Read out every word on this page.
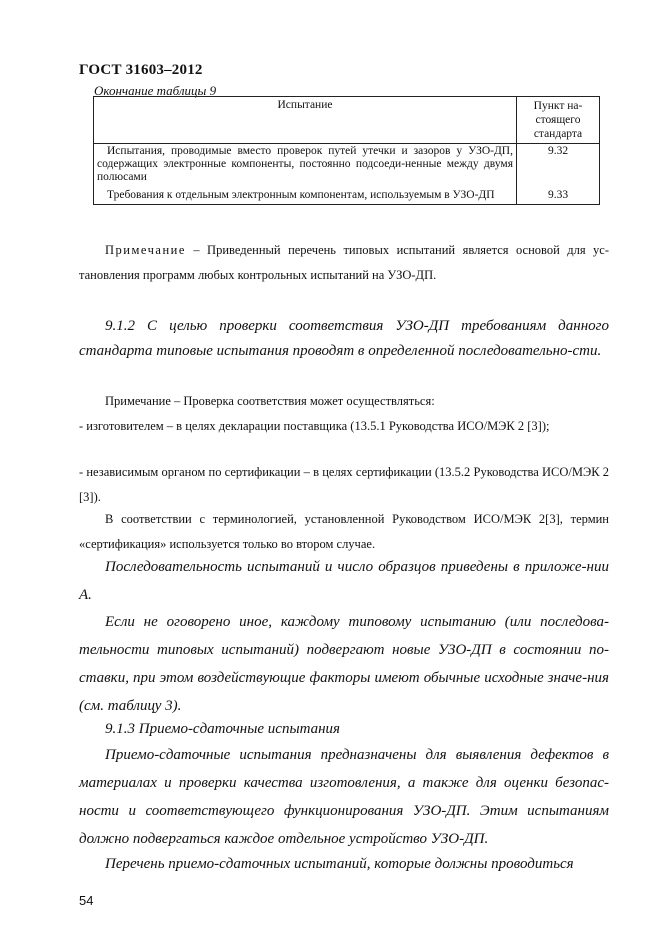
ГОСТ 31603–2012
Окончание таблицы 9
Испытание	Пункт на-
стоящего
стандарта
Испытания, проводимые вместо проверок путей утечки и зазоров у УЗО-ДП, содержащих электронные компоненты, постоянно подсоеди-ненные между двумя полюсами	9.32
Требования к отдельным электронным компонентам, используемым в УЗО-ДП	9.33
Примечание – Приведенный перечень типовых испытаний является основой для ус-тановления программ любых контрольных испытаний на УЗО-ДП.
9.1.2 С целью проверки соответствия УЗО-ДП требованиям данного стандарта типовые испытания проводят в определенной последовательно-сти.
Примечание – Проверка соответствия может осуществляться:
- изготовителем – в целях декларации поставщика (13.5.1 Руководства ИСО/МЭК 2 [3]);
- независимым органом по сертификации – в целях сертификации (13.5.2 Руководства ИСО/МЭК 2 [3]).
В соответствии с терминологией, установленной Руководством ИСО/МЭК 2[3], термин «сертификация» используется только во втором случае.
Последовательность испытаний и число образцов приведены в приложе-нии А.
Если не оговорено иное, каждому типовому испытанию (или последова-тельности типовых испытаний) подвергают новые УЗО-ДП в состоянии по-ставки, при этом воздействующие факторы имеют обычные исходные значе-ния (см. таблицу 3).
9.1.3 Приемо-сдаточные испытания
Приемо-сдаточные испытания предназначены для выявления дефектов в материалах и проверки качества изготовления, а также для оценки безопас-ности и соответствующего функционирования УЗО-ДП. Этим испытаниям должно подвергаться каждое отдельное устройство УЗО-ДП.
Перечень приемо-сдаточных испытаний, которые должны проводиться
54
